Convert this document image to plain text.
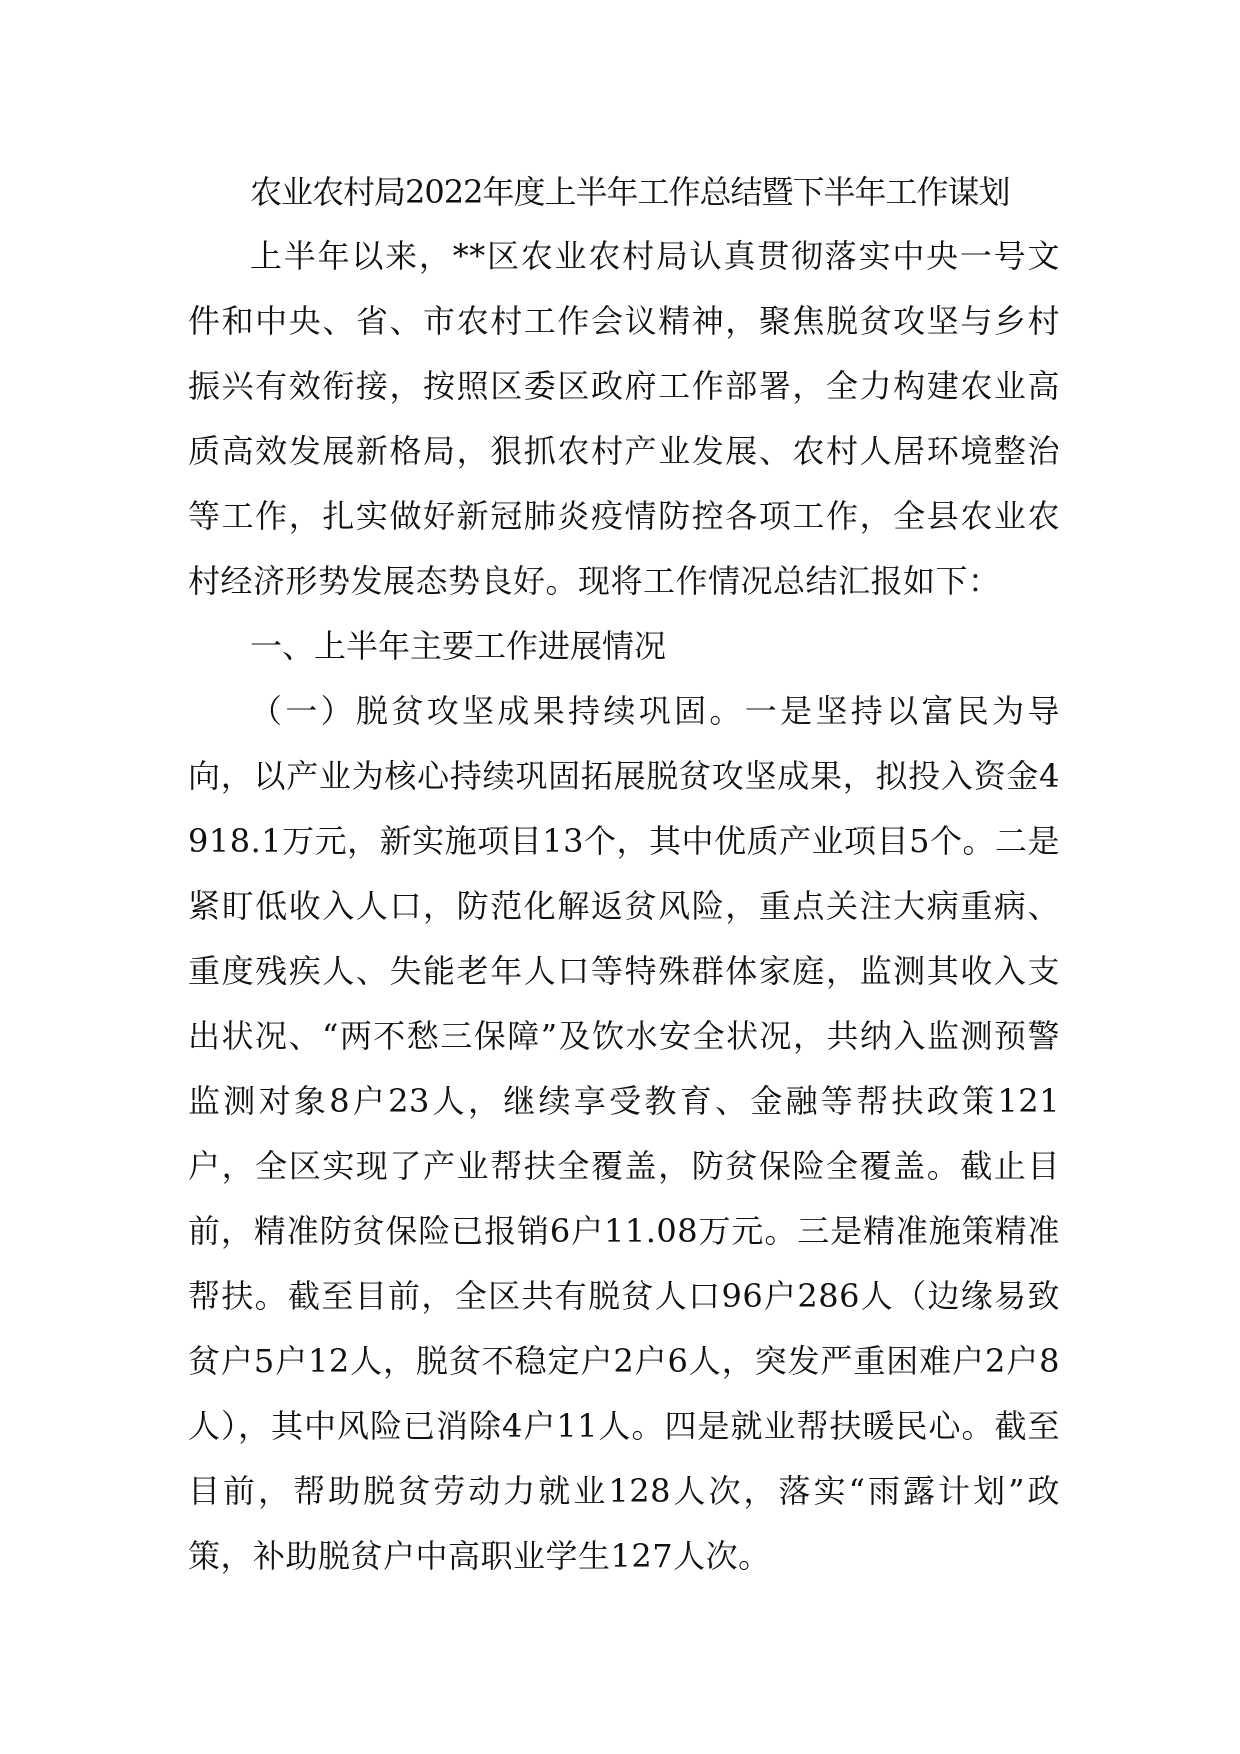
农业农村局2022年度上半年工作总结暨下半年工作谋划

上半年以来，**区农业农村局认真贯彻落实中央一号文件和中央、省、市农村工作会议精神，聚焦脱贫攻坚与乡村振兴有效衔接，按照区委区政府工作部署，全力构建农业高质高效发展新格局，狠抓农村产业发展、农村人居环境整治等工作，扎实做好新冠肺炎疫情防控各项工作，全县农业农村经济形势发展态势良好。现将工作情况总结汇报如下：

一、上半年主要工作进展情况

（一）脱贫攻坚成果持续巩固。一是坚持以富民为导向，以产业为核心持续巩固拓展脱贫攻坚成果，拟投入资金4918.1万元，新实施项目13个，其中优质产业项目5个。二是紧盯低收入人口，防范化解返贫风险，重点关注大病重病、重度残疾人、失能老年人口等特殊群体家庭，监测其收入支出状况、“两不愁三保障”及饮水安全状况，共纳入监测预警监测对象8户23人，继续享受教育、金融等帮扶政策121户，全区实现了产业帮扶全覆盖，防贫保险全覆盖。截止目前，精准防贫保险已报销6户11.08万元。三是精准施策精准帮扶。截至目前，全区共有脱贫人口96户286人（边缘易致贫户5户12人，脱贫不稳定户2户6人，突发严重困难户2户8人），其中风险已消除4户11人。四是就业帮扶暖民心。截至目前，帮助脱贫劳动力就业128人次，落实“雨露计划”政策，补助脱贫户中高职业学生127人次。
